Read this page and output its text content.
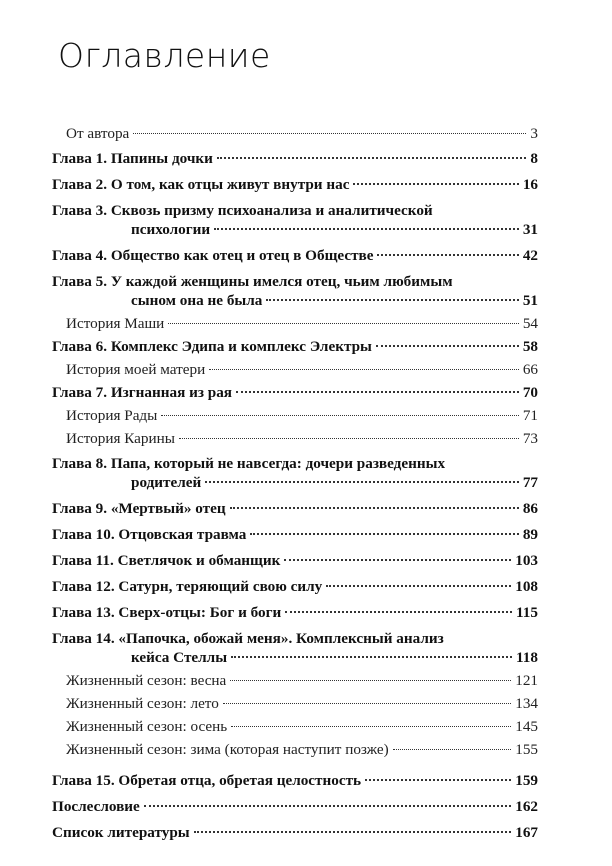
Оглавление
От автора	3
Глава 1. Папины дочки	8
Глава 2. О том, как отцы живут внутри нас	16
Глава 3. Сквозь призму психоанализа и аналитической
психологии	31
Глава 4. Общество как отец и отец в Обществе	42
Глава 5. У каждой женщины имелся отец, чьим любимым
сыном она не была	51
История Маши	54
Глава 6. Комплекс Эдипа и комплекс Электры	58
История моей матери	66
Глава 7. Изгнанная из рая	70
История Рады	71
История Карины	73
Глава 8. Папа, который не навсегда: дочери разведенных
родителей	77
Глава 9. «Мертвый» отец	86
Глава 10. Отцовская травма	89
Глава 11. Светлячок и обманщик	103
Глава 12. Сатурн, теряющий свою силу	108
Глава 13. Сверх-отцы: Бог и боги	115
Глава 14. «Папочка, обожай меня». Комплексный анализ
кейса Стеллы	118
Жизненный сезон: весна	121
Жизненный сезон: лето	134
Жизненный сезон: осень	145
Жизненный сезон: зима (которая наступит позже)	155
Глава 15. Обретая отца, обретая целостность	159
Послесловие	162
Список литературы	167
